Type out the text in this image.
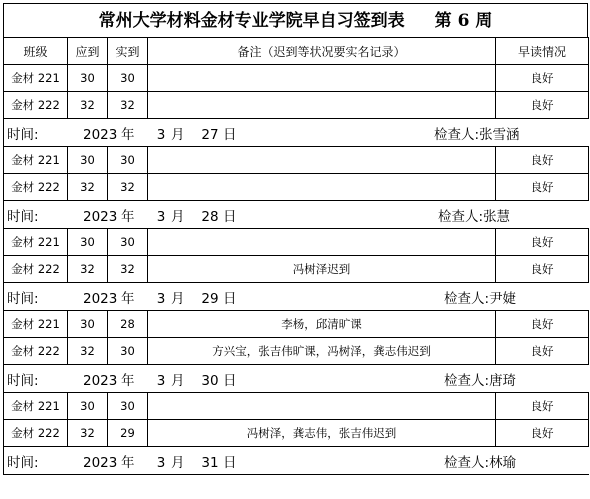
常州大学材料金材专业学院早自习签到表 第 6 周
班级	应到	实到	备注（迟到等状况要实名记录）	早读情况
金材 221	30	30		良好
金材 222	32	32		良好

时间: 2023 年 3 月 27 日 检查人:张雪涵				

金材 221	30	30		良好
金材 222	32	32		良好

时间: 2023 年 3 月 28 日 检查人:张慧				

金材 221	30	30		良好
金材 222	32	32	冯树泽迟到	良好

时间: 2023 年 3 月 29 日 检查人:尹婕				

金材 221	30	28	李杨，邱清旷课	良好
金材 222	32	30	方兴宝，张吉伟旷课，冯树泽，龚志伟迟到	良好

时间: 2023 年 3 月 30 日 检查人:唐琦				

金材 221	30	30		良好
金材 222	32	29	冯树泽，龚志伟，张吉伟迟到	良好

时间: 2023 年 3 月 31 日 检查人:林瑜				
